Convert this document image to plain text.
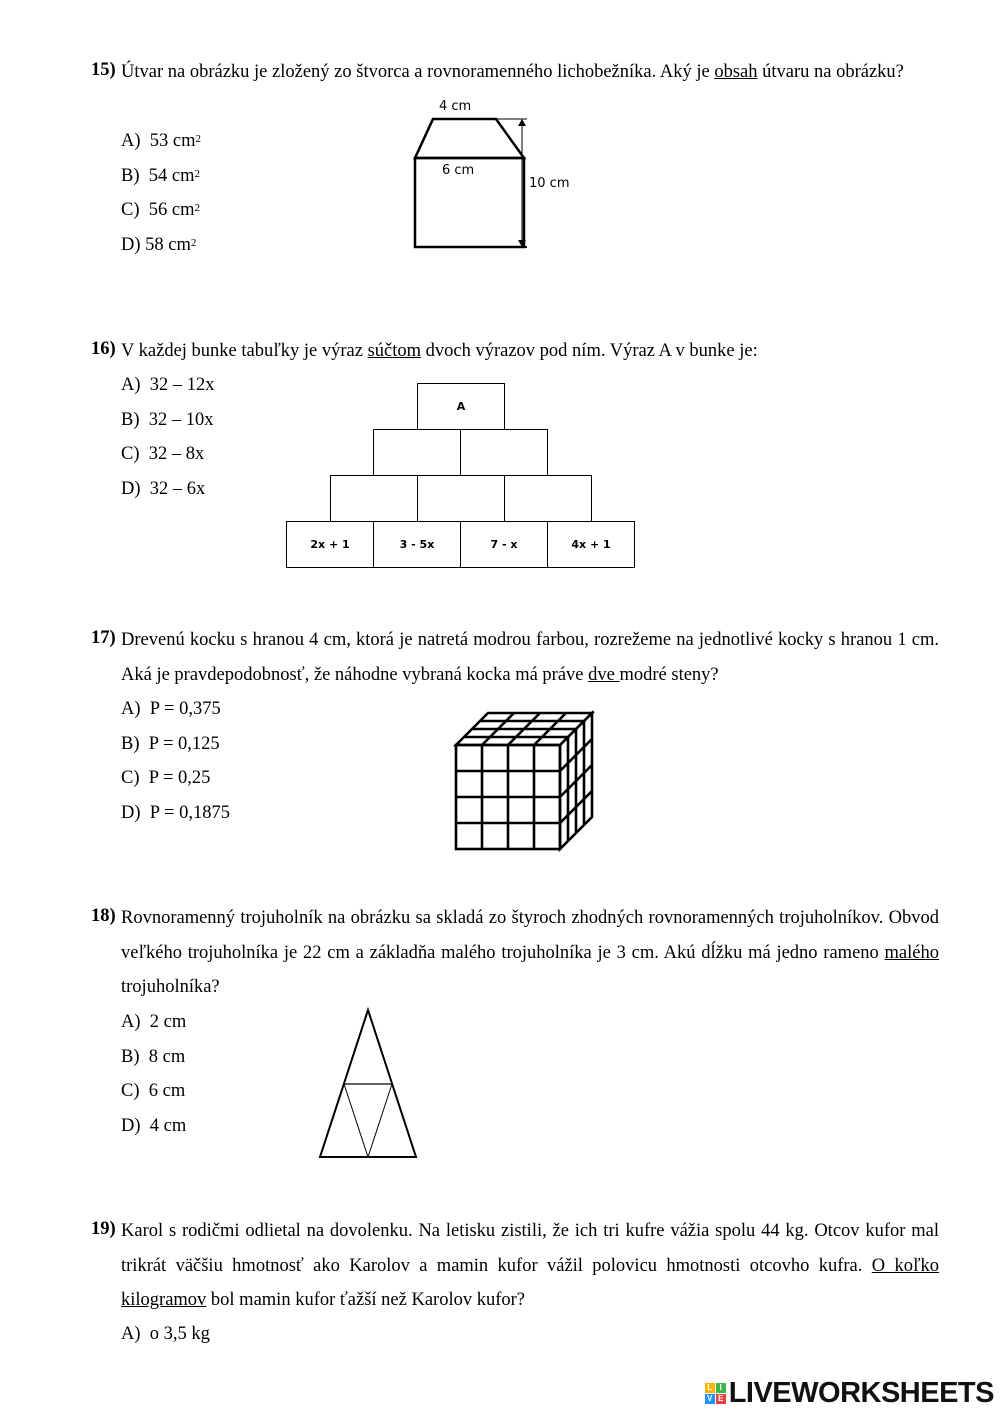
15) Útvar na obrázku je zložený zo štvorca a rovnoramenného lichobežníka. Aký je obsah útvaru na obrázku?
A) 53 $cm^2$
B) 54 $cm^2$
C) 56 $cm^2$
D) 58 $cm^2$
4 cm
6 cm
10 cm
16) V každej bunke tabuľky je výraz súčtom dvoch výrazov pod ním. Výraz A v bunke je:
A) 32 – 12x
B) 32 – 10x
C) 32 – 8x
D) 32 – 6x
A
2x + 1	3 - 5x	7 - x	4x + 1
17) Drevenú kocku s hranou 4 cm, ktorá je natretá modrou farbou, rozrežeme na jednotlivé kocky s hranou 1 cm. Aká je pravdepodobnosť, že náhodne vybraná kocka má práve dve modré steny?
A) P = 0,375
B) P = 0,125
C) P = 0,25
D) P = 0,1875
18) Rovnoramenný trojuholník na obrázku sa skladá zo štyroch zhodných rovnoramenných trojuholníkov. Obvod veľkého trojuholníka je 22 cm a základňa malého trojuholníka je 3 cm. Akú dĺžku má jedno rameno malého trojuholníka?
A) 2 cm
B) 8 cm
C) 6 cm
D) 4 cm
19) Karol s rodičmi odlietal na dovolenku. Na letisku zistili, že ich tri kufre vážia spolu 44 kg. Otcov kufor mal trikrát väčšiu hmotnosť ako Karolov a mamin kufor vážil polovicu hmotnosti otcovho kufra. O koľko kilogramov bol mamin kufor ťažší než Karolov kufor?
A) o 3,5 kg
L I
V E LIVEWORKSHEETS
